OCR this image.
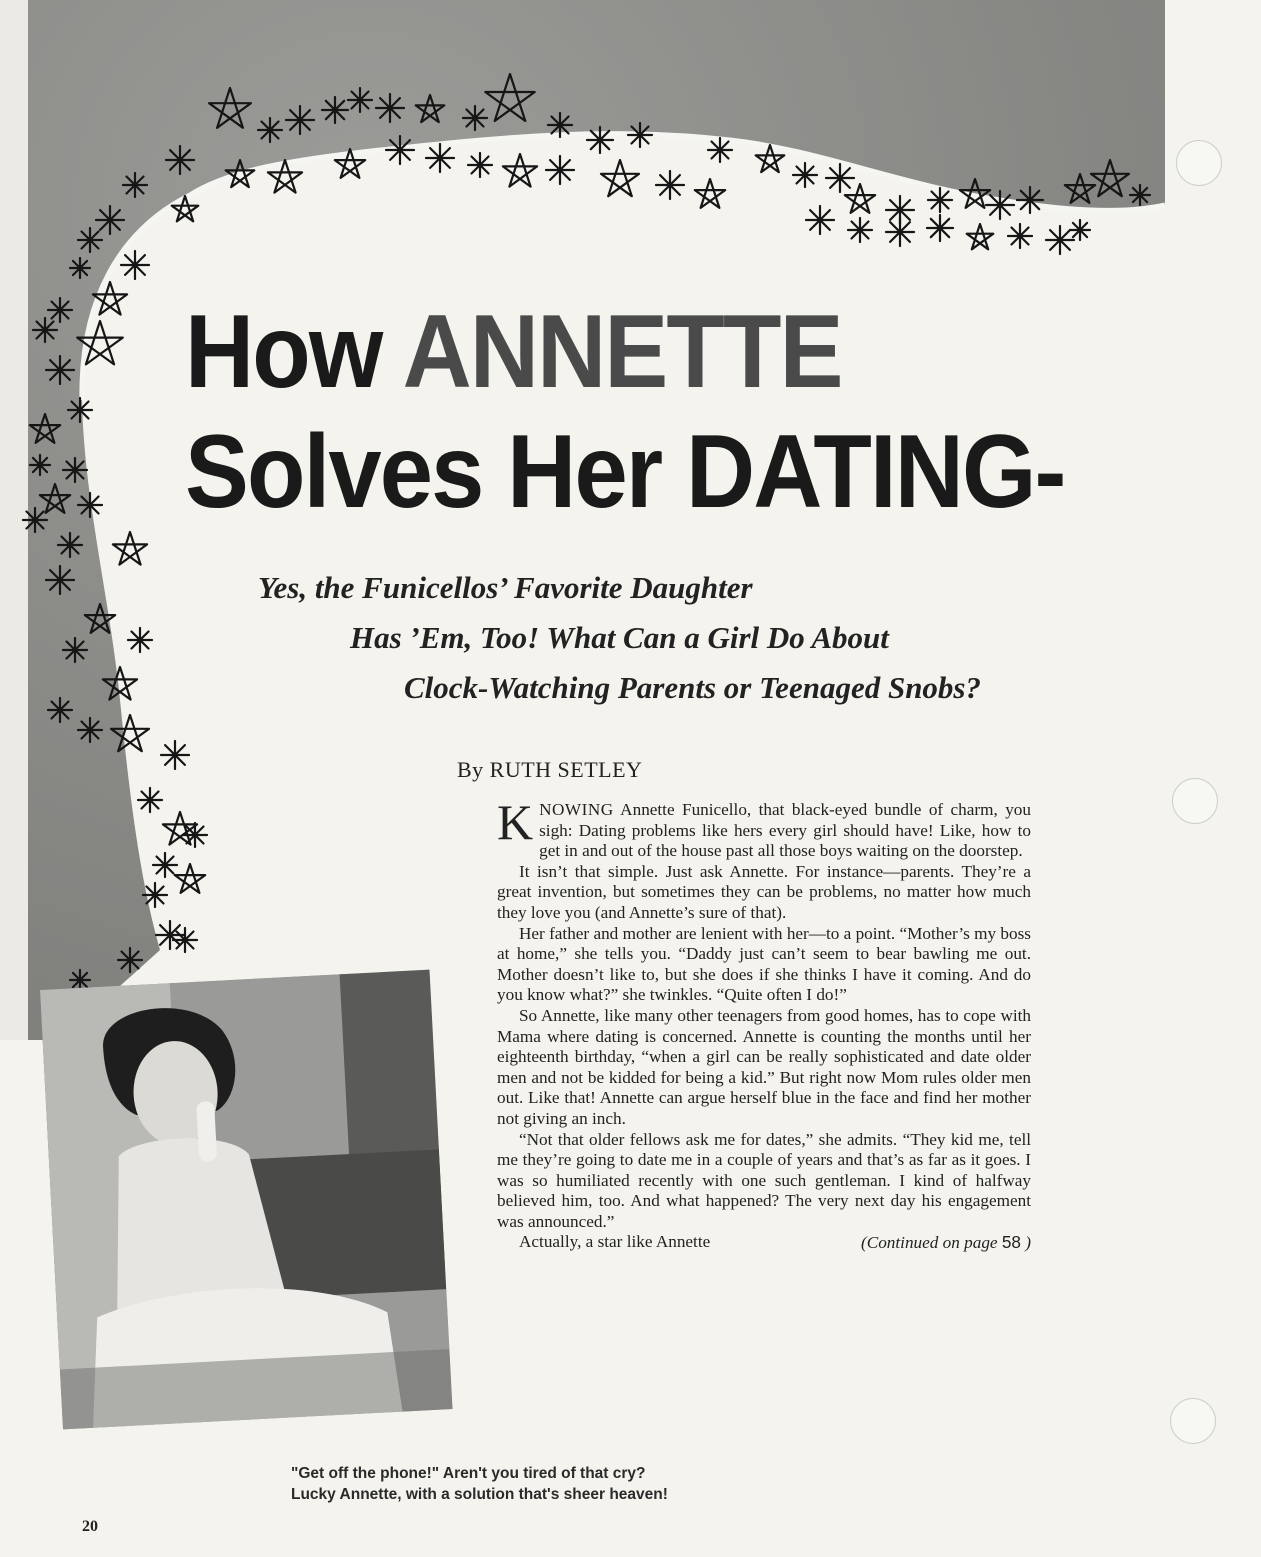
How ANNETTE
Solves Her DATING-
Yes, the Funicellos’ Favorite Daughter
Has ’Em, Too! What Can a Girl Do About
Clock-Watching Parents or Teenaged Snobs?
By RUTH SETLEY

KNOWING Annette Funicello, that black-eyed bundle of charm, you sigh: Dating problems like hers every girl should have! Like, how to get in and out of the house past all those boys waiting on the doorstep.

It isn’t that simple. Just ask Annette. For instance—parents. They’re a great invention, but sometimes they can be problems, no matter how much they love you (and Annette’s sure of that).

Her father and mother are lenient with her—to a point. “Mother’s my boss at home,” she tells you. “Daddy just can’t seem to bear bawling me out. Mother doesn’t like to, but she does if she thinks I have it coming. And do you know what?” she twinkles. “Quite often I do!”

So Annette, like many other teenagers from good homes, has to cope with Mama where dating is concerned. Annette is counting the months until her eighteenth birthday, “when a girl can be really sophisticated and date older men and not be kidded for being a kid.” But right now Mom rules older men out. Like that! Annette can argue herself blue in the face and find her mother not giving an inch.

“Not that older fellows ask me for dates,” she admits. “They kid me, tell me they’re going to date me in a couple of years and that’s as far as it goes. I was so humiliated recently with one such gentleman. I kind of halfway believed him, too. And what happened? The very next day his engagement was announced.”

Actually, a star like Annette	(Continued on page 58 )
"Get off the phone!" Aren't you tired of that cry?
Lucky Annette, with a solution that's sheer heaven!
20
